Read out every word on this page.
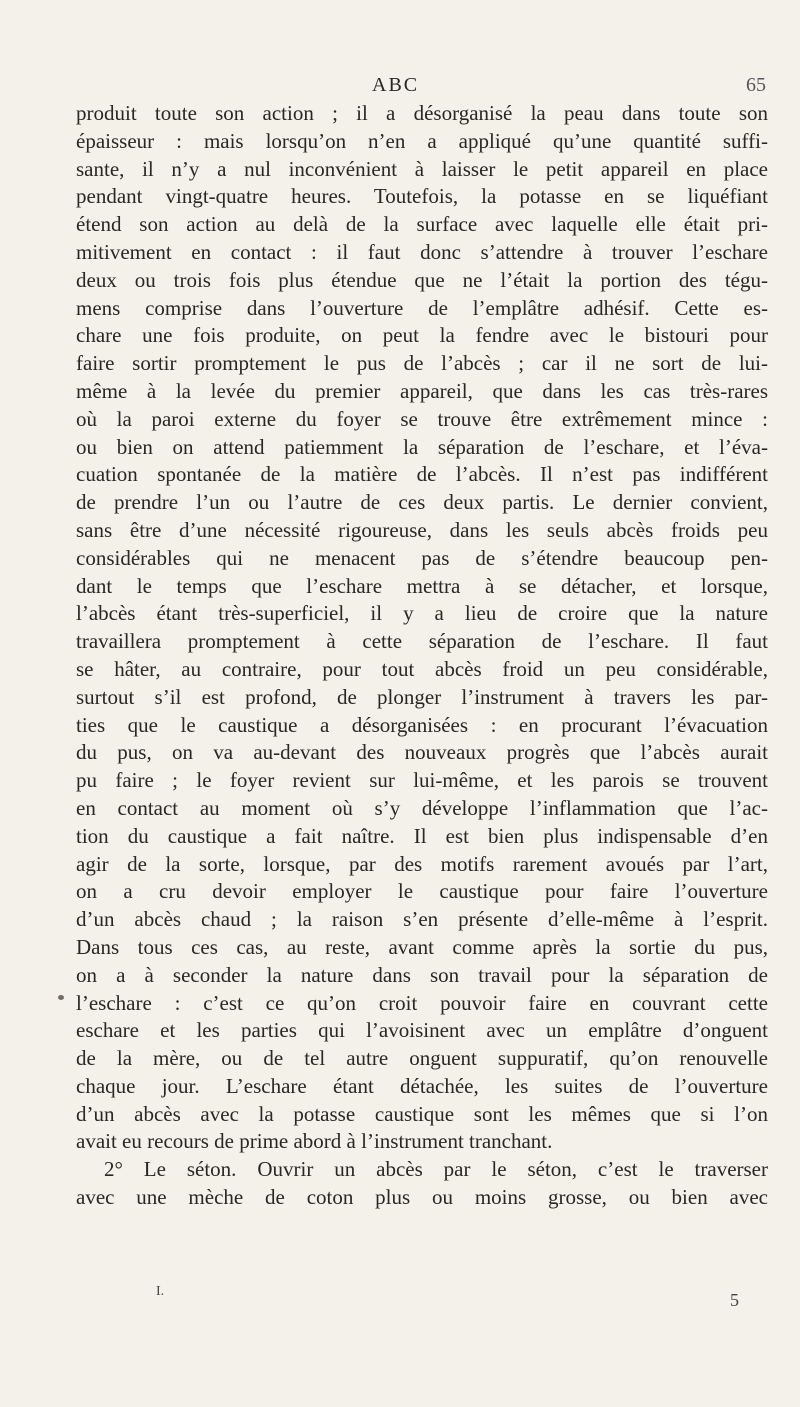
ABC	65
produit toute son action ; il a désorganisé la peau dans toute son
épaisseur : mais lorsqu’on n’en a appliqué qu’une quantité suffi-
sante, il n’y a nul inconvénient à laisser le petit appareil en place
pendant vingt-quatre heures. Toutefois, la potasse en se liquéfiant
étend son action au delà de la surface avec laquelle elle était pri-
mitivement en contact : il faut donc s’attendre à trouver l’eschare
deux ou trois fois plus étendue que ne l’était la portion des tégu-
mens comprise dans l’ouverture de l’emplâtre adhésif. Cette es-
chare une fois produite, on peut la fendre avec le bistouri pour
faire sortir promptement le pus de l’abcès ; car il ne sort de lui-
même à la levée du premier appareil, que dans les cas très-rares
où la paroi externe du foyer se trouve être extrêmement mince :
ou bien on attend patiemment la séparation de l’eschare, et l’éva-
cuation spontanée de la matière de l’abcès. Il n’est pas indifférent
de prendre l’un ou l’autre de ces deux partis. Le dernier convient,
sans être d’une nécessité rigoureuse, dans les seuls abcès froids peu
considérables qui ne menacent pas de s’étendre beaucoup pen-
dant le temps que l’eschare mettra à se détacher, et lorsque,
l’abcès étant très-superficiel, il y a lieu de croire que la nature
travaillera promptement à cette séparation de l’eschare. Il faut
se hâter, au contraire, pour tout abcès froid un peu considérable,
surtout s’il est profond, de plonger l’instrument à travers les par-
ties que le caustique a désorganisées : en procurant l’évacuation
du pus, on va au-devant des nouveaux progrès que l’abcès aurait
pu faire ; le foyer revient sur lui-même, et les parois se trouvent
en contact au moment où s’y développe l’inflammation que l’ac-
tion du caustique a fait naître. Il est bien plus indispensable d’en
agir de la sorte, lorsque, par des motifs rarement avoués par l’art,
on a cru devoir employer le caustique pour faire l’ouverture
d’un abcès chaud ; la raison s’en présente d’elle-même à l’esprit.
Dans tous ces cas, au reste, avant comme après la sortie du pus,
on a à seconder la nature dans son travail pour la séparation de
l’eschare : c’est ce qu’on croit pouvoir faire en couvrant cette
eschare et les parties qui l’avoisinent avec un emplâtre d’onguent
de la mère, ou de tel autre onguent suppuratif, qu’on renouvelle
chaque jour. L’eschare étant détachée, les suites de l’ouverture
d’un abcès avec la potasse caustique sont les mêmes que si l’on
avait eu recours de prime abord à l’instrument tranchant.
2° Le séton. Ouvrir un abcès par le séton, c’est le traverser
avec une mèche de coton plus ou moins grosse, ou bien avec
I.	5
